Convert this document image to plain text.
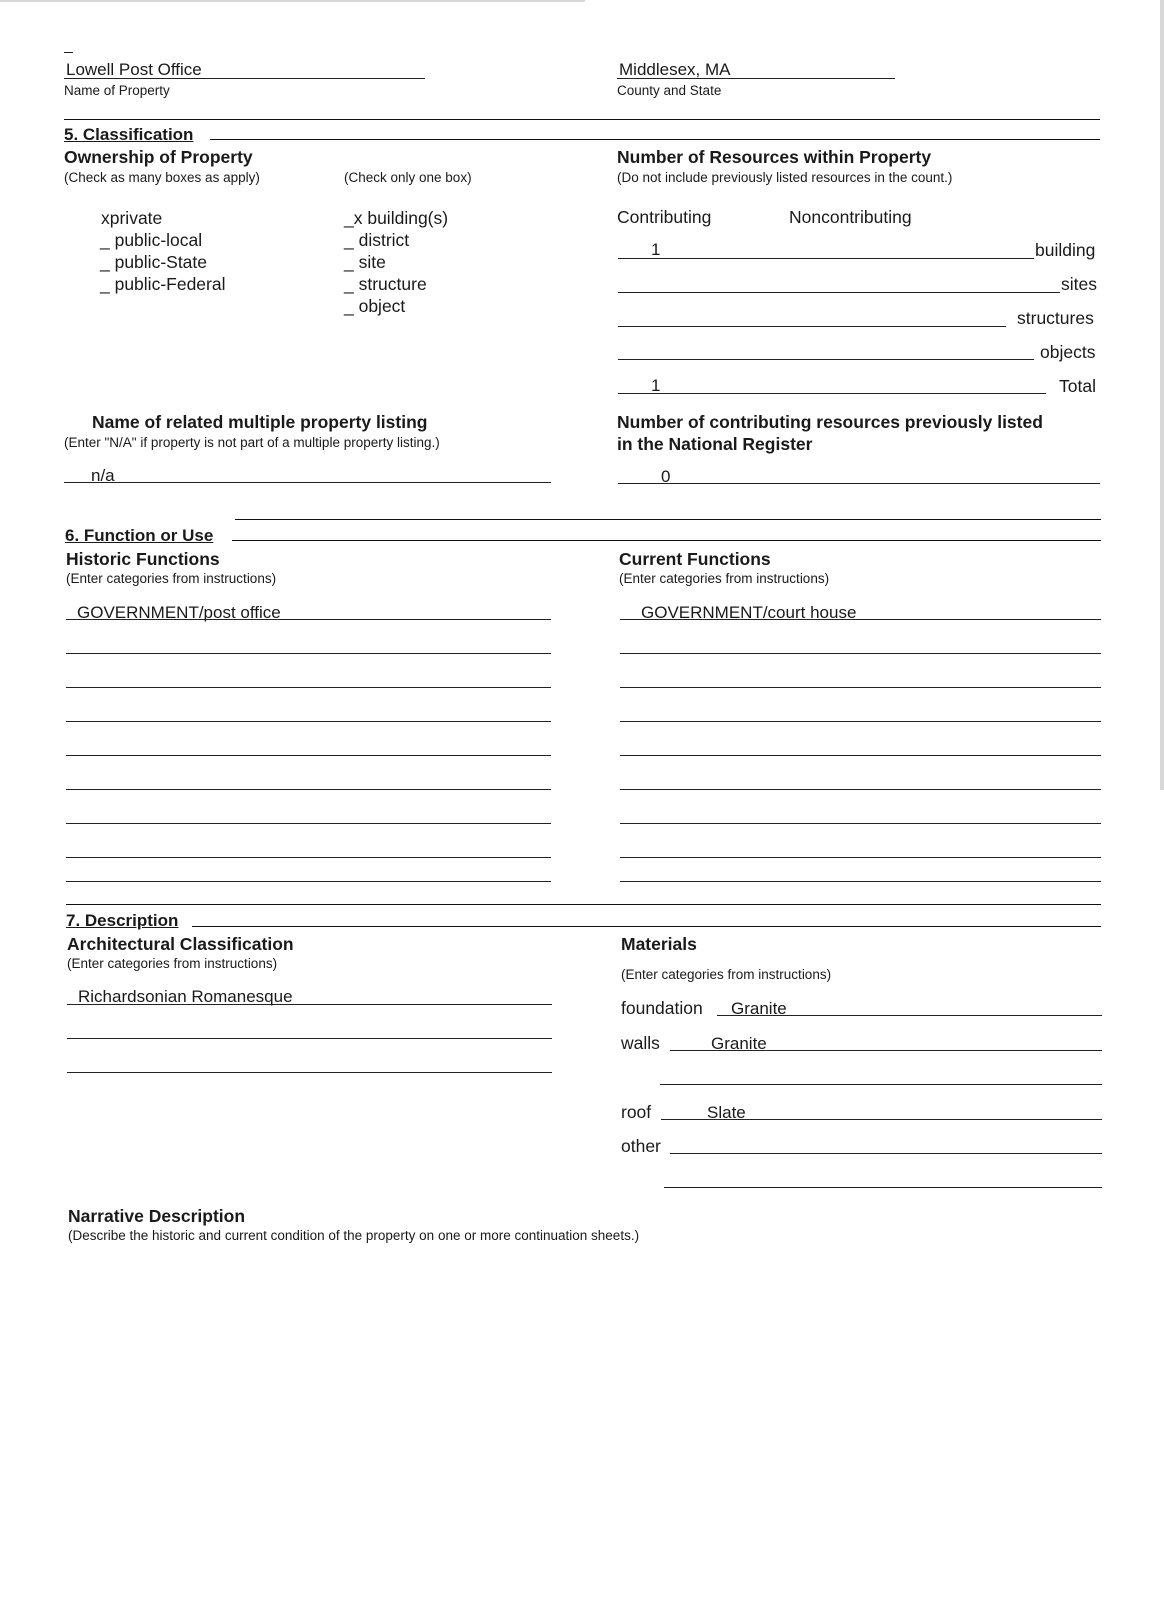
Lowell Post Office
Name of Property
Middlesex, MA
County and State
5. Classification
Ownership of Property
(Check as many boxes as apply)	(Check only one box)
xprivate
_ public-local
_ public-State
_ public-Federal
_x building(s)
_ district
_ site
_ structure
_ object
Number of Resources within Property
(Do not include previously listed resources in the count.)
Contributing	Noncontributing
1	building
sites
structures
objects
1	Total
Name of related multiple property listing
(Enter "N/A" if property is not part of a multiple property listing.)
n/a
Number of contributing resources previously listed
in the National Register
0
6. Function or Use
Historic Functions
(Enter categories from instructions)
GOVERNMENT/post office
Current Functions
(Enter categories from instructions)
GOVERNMENT/court house
7. Description
Architectural Classification
(Enter categories from instructions)
Richardsonian Romanesque
Materials
(Enter categories from instructions)
foundation Granite
walls	Granite
roof	Slate
other
Narrative Description
(Describe the historic and current condition of the property on one or more continuation sheets.)
